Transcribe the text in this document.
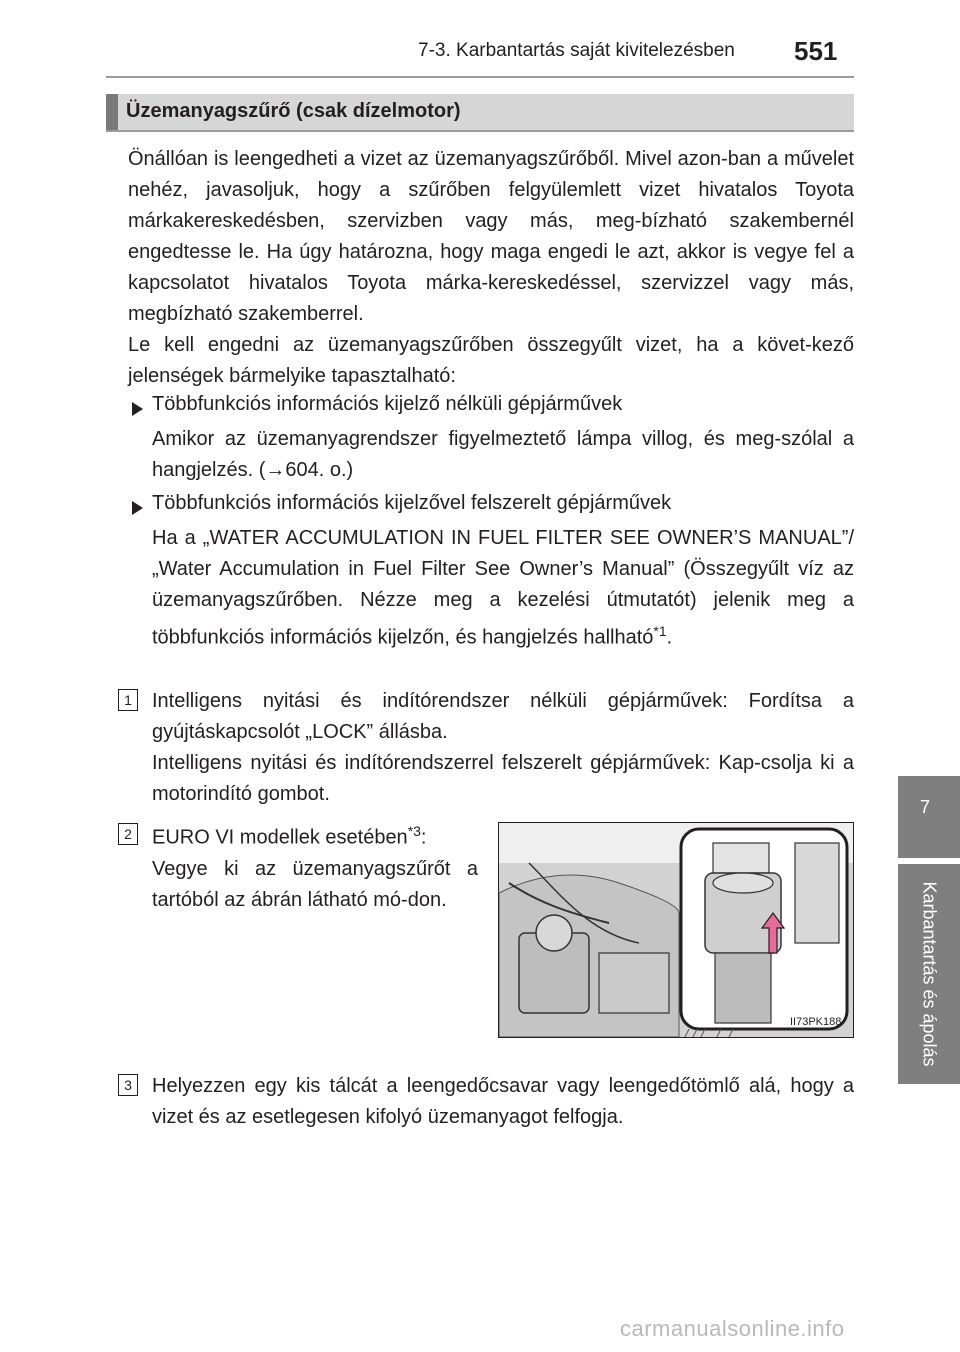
7-3. Karbantartás saját kivitelezésben 551
Üzemanyagszűrő (csak dízelmotor)
Önállóan is leengedheti a vizet az üzemanyagszűrőből. Mivel azon-ban a művelet nehéz, javasoljuk, hogy a szűrőben felgyülemlett vizet hivatalos Toyota márkakereskedésben, szervizben vagy más, meg-bízható szakembernél engedtesse le. Ha úgy határozna, hogy maga engedi le azt, akkor is vegye fel a kapcsolatot hivatalos Toyota márka-kereskedéssel, szervizzel vagy más, megbízható szakemberrel.
Le kell engedni az üzemanyagszűrőben összegyűlt vizet, ha a követ-kező jelenségek bármelyike tapasztalható:
Többfunkciós információs kijelző nélküli gépjárművek
Amikor az üzemanyagrendszer figyelmeztető lámpa villog, és meg-szólal a hangjelzés. (→604. o.)
Többfunkciós információs kijelzővel felszerelt gépjárművek
Ha a „WATER ACCUMULATION IN FUEL FILTER SEE OWNER’S MANUAL”/„Water Accumulation in Fuel Filter See Owner’s Manual” (Összegyűlt víz az üzemanyagszűrőben. Nézze meg a kezelési útmutatót) jelenik meg a többfunkciós információs kijelzőn, és hangjelzés hallható$^{*1}$.
1	Intelligens nyitási és indítórendszer nélküli gépjárművek: Fordítsa a gyújtáskapcsolót „LOCK” állásba.
Intelligens nyitási és indítórendszerrel felszerelt gépjárművek: Kap-csolja ki a motorindító gombot.
2	EURO VI modellek esetében$^{*3}$:
Vegye ki az üzemanyagszűrőt a tartóból az ábrán látható mó-don.
II73PK188
3	Helyezzen egy kis tálcát a leengedőcsavar vagy leengedőtömlő alá, hogy a vizet és az esetlegesen kifolyó üzemanyagot felfogja.
7
Karbantartás és ápolás
carmanualsonline.info
